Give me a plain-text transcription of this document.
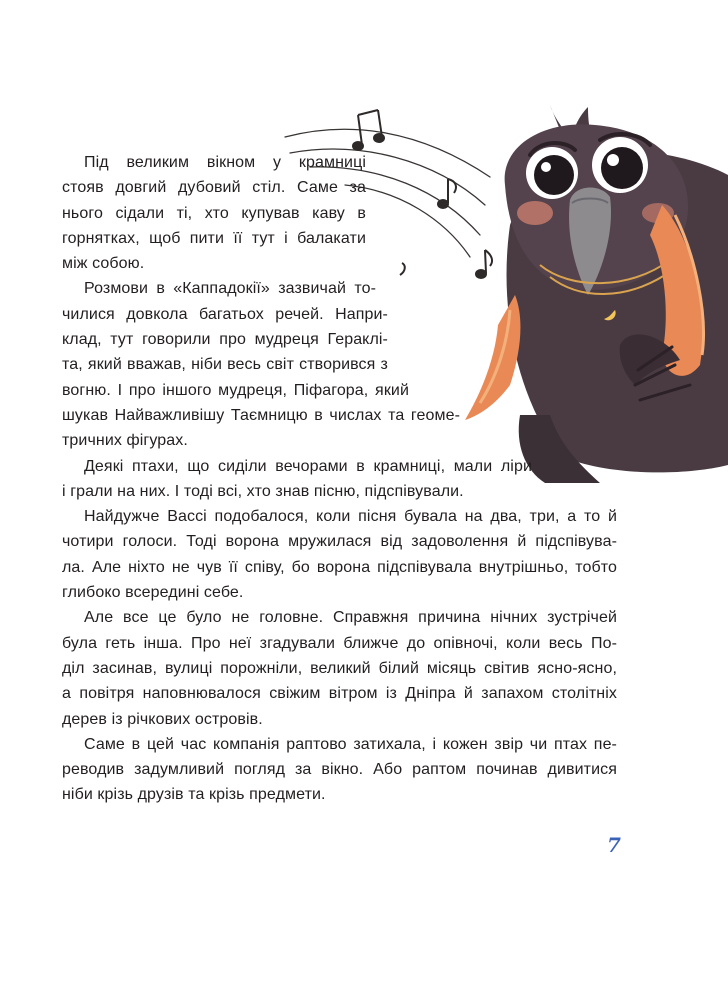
Під великим вікном у крамниці
стояв довгий дубовий стіл. Саме за
нього сідали ті, хто купував каву в
горнятках, щоб пити її тут і балакати
між собою.
Розмови в «Каппадокії» зазвичай то-
чилися довкола багатьох речей. Напри-
клад, тут говорили про мудреця Гераклі-
та, який вважав, ніби весь світ створився з
вогню. І про іншого мудреця, Піфагора, який
шукав Найважливішу Таємницю в числах та геоме-
тричних фігурах.
Деякі птахи, що сиділи вечорами в крамниці, мали ліри
і грали на них. І тоді всі, хто знав пісню, підспівували.
Найдужче Вассі подобалося, коли пісня бувала на два, три, а то й
чотири голоси. Тоді ворона мружилася від задоволення й підспівува-
ла. Але ніхто не чув її співу, бо ворона підспівувала внутрішньо, тобто
глибоко всередині себе.
Але все це було не головне. Справжня причина нічних зустрічей
була геть інша. Про неї згадували ближче до опівночі, коли весь По-
діл засинав, вулиці порожніли, великий білий місяць світив ясно-ясно,
а повітря наповнювалося свіжим вітром із Дніпра й запахом столітніх
дерев із річкових островів.
Саме в цей час компанія раптово затихала, і кожен звір чи птах пе-
реводив задумливий погляд за вікно. Або раптом починав дивитися
ніби крізь друзів та крізь предмети.
7
